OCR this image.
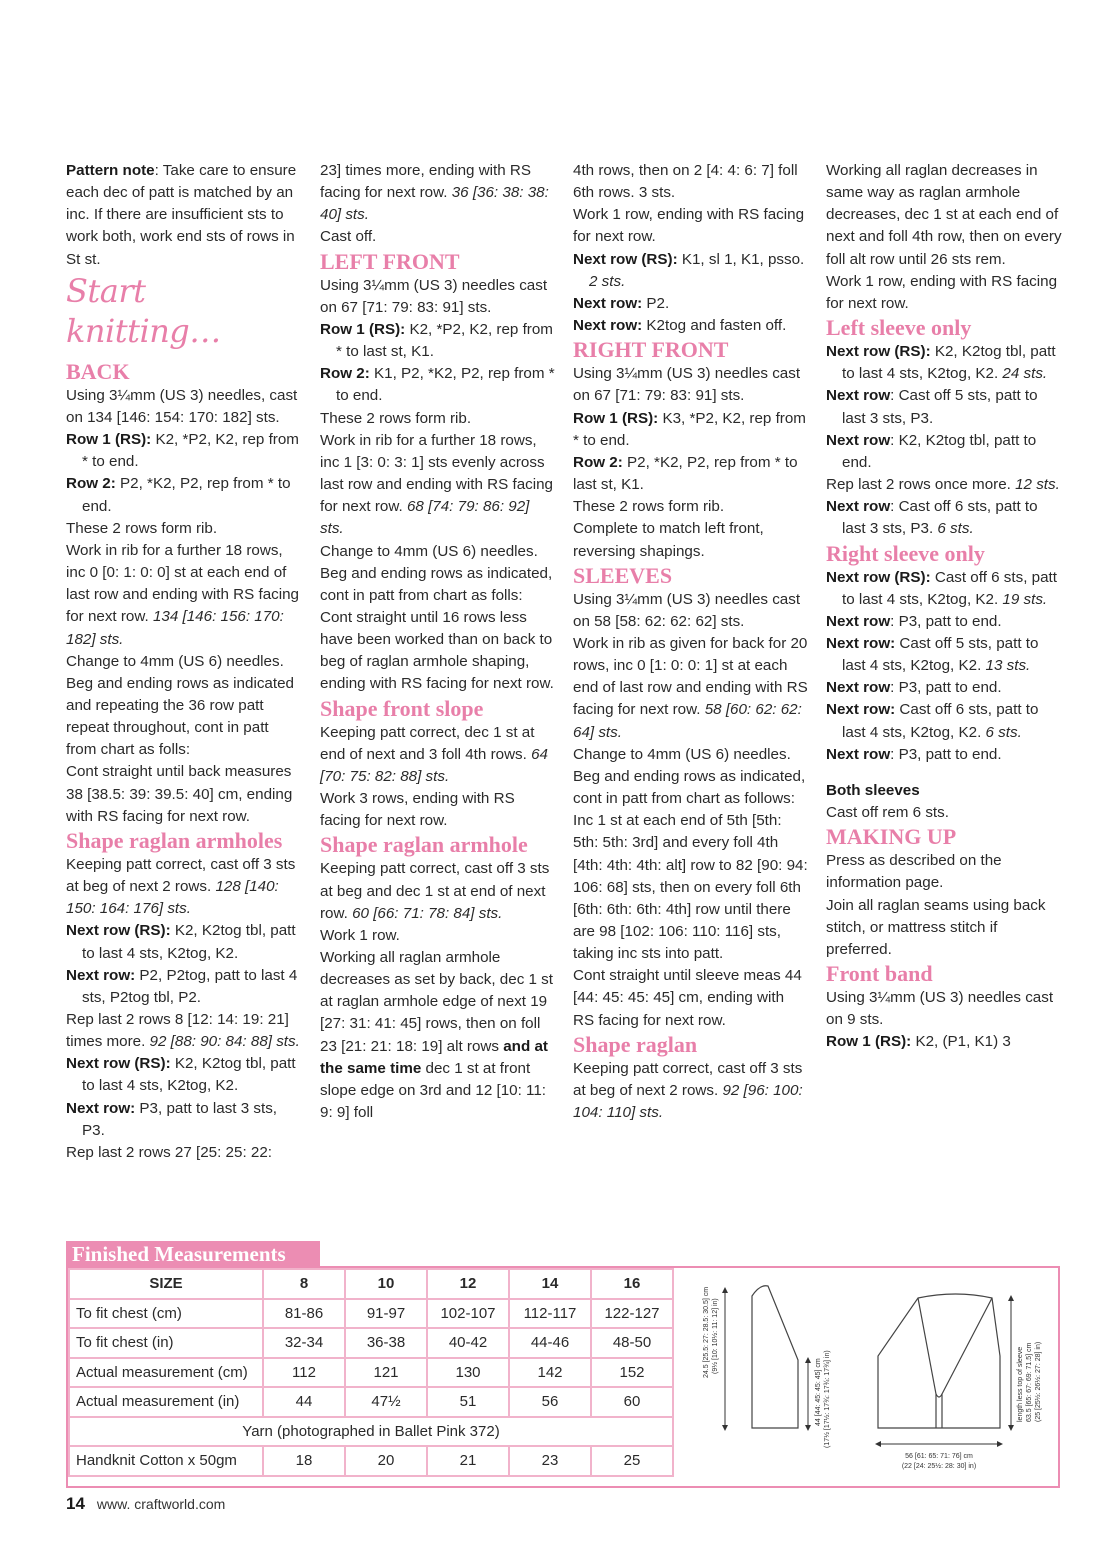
Pattern note: Take care to ensure each dec of patt is matched by an inc. If there are insufficient sts to work both, work end sts of rows in St st.

Start knitting…

BACK

Using 3¼mm (US 3) needles, cast on 134 [146: 154: 170: 182] sts.

Row 1 (RS): K2, *P2, K2, rep from * to end.

Row 2: P2, *K2, P2, rep from * to end.

These 2 rows form rib.

Work in rib for a further 18 rows, inc 0 [0: 1: 0: 0] st at each end of last row and ending with RS facing for next row. 134 [146: 156: 170: 182] sts.

Change to 4mm (US 6) needles.

Beg and ending rows as indicated and repeating the 36 row patt repeat throughout, cont in patt from chart as folls:

Cont straight until back measures 38 [38.5: 39: 39.5: 40] cm, ending with RS facing for next row.

Shape raglan armholes

Keeping patt correct, cast off 3 sts at beg of next 2 rows. 128 [140: 150: 164: 176] sts.

Next row (RS): K2, K2tog tbl, patt to last 4 sts, K2tog, K2.

Next row: P2, P2tog, patt to last 4 sts, P2tog tbl, P2.

Rep last 2 rows 8 [12: 14: 19: 21] times more. 92 [88: 90: 84: 88] sts.

Next row (RS): K2, K2tog tbl, patt to last 4 sts, K2tog, K2.

Next row: P3, patt to last 3 sts, P3.

Rep last 2 rows 27 [25: 25: 22:

23] times more, ending with RS facing for next row. 36 [36: 38: 38: 40] sts.

Cast off.

LEFT FRONT

Using 3¼mm (US 3) needles cast on 67 [71: 79: 83: 91] sts.

Row 1 (RS): K2, *P2, K2, rep from * to last st, K1.

Row 2: K1, P2, *K2, P2, rep from * to end.

These 2 rows form rib.

Work in rib for a further 18 rows, inc 1 [3: 0: 3: 1] sts evenly across last row and ending with RS facing for next row. 68 [74: 79: 86: 92] sts.

Change to 4mm (US 6) needles.

Beg and ending rows as indicated, cont in patt from chart as folls:

Cont straight until 16 rows less have been worked than on back to beg of raglan armhole shaping, ending with RS facing for next row.

Shape front slope

Keeping patt correct, dec 1 st at end of next and 3 foll 4th rows. 64 [70: 75: 82: 88] sts.

Work 3 rows, ending with RS facing for next row.

Shape raglan armhole

Keeping patt correct, cast off 3 sts at beg and dec 1 st at end of next row. 60 [66: 71: 78: 84] sts.

Work 1 row.

Working all raglan armhole decreases as set by back, dec 1 st at raglan armhole edge of next 19 [27: 31: 41: 45] rows, then on foll 23 [21: 21: 18: 19] alt rows and at the same time dec 1 st at front slope edge on 3rd and 12 [10: 11: 9: 9] foll

4th rows, then on 2 [4: 4: 6: 7] foll 6th rows. 3 sts.

Work 1 row, ending with RS facing for next row.

Next row (RS): K1, sl 1, K1, psso. 2 sts.

Next row: P2.

Next row: K2tog and fasten off.

RIGHT FRONT

Using 3¼mm (US 3) needles cast on 67 [71: 79: 83: 91] sts.

Row 1 (RS): K3, *P2, K2, rep from * to end.

Row 2: P2, *K2, P2, rep from * to last st, K1.

These 2 rows form rib.

Complete to match left front, reversing shapings.

SLEEVES

Using 3¼mm (US 3) needles cast on 58 [58: 62: 62: 62] sts.

Work in rib as given for back for 20 rows, inc 0 [1: 0: 0: 1] st at each end of last row and ending with RS facing for next row. 58 [60: 62: 62: 64] sts.

Change to 4mm (US 6) needles.

Beg and ending rows as indicated, cont in patt from chart as follows:

Inc 1 st at each end of 5th [5th: 5th: 5th: 3rd] and every foll 4th [4th: 4th: 4th: alt] row to 82 [90: 94: 106: 68] sts, then on every foll 6th [6th: 6th: 6th: 4th] row until there are 98 [102: 106: 110: 116] sts, taking inc sts into patt.

Cont straight until sleeve meas 44 [44: 45: 45: 45] cm, ending with RS facing for next row.

Shape raglan

Keeping patt correct, cast off 3 sts at beg of next 2 rows. 92 [96: 100: 104: 110] sts.

Working all raglan decreases in same way as raglan armhole decreases, dec 1 st at each end of next and foll 4th row, then on every foll alt row until 26 sts rem.

Work 1 row, ending with RS facing for next row.

Left sleeve only

Next row (RS): K2, K2tog tbl, patt to last 4 sts, K2tog, K2. 24 sts.

Next row: Cast off 5 sts, patt to last 3 sts, P3.

Next row: K2, K2tog tbl, patt to end.

Rep last 2 rows once more. 12 sts.

Next row: Cast off 6 sts, patt to last 3 sts, P3. 6 sts.

Right sleeve only

Next row (RS): Cast off 6 sts, patt to last 4 sts, K2tog, K2. 19 sts.

Next row: P3, patt to end.

Next row: Cast off 5 sts, patt to last 4 sts, K2tog, K2. 13 sts.

Next row: P3, patt to end.

Next row: Cast off 6 sts, patt to last 4 sts, K2tog, K2. 6 sts.

Next row: P3, patt to end.

Both sleeves

Cast off rem 6 sts.

MAKING UP

Press as described on the information page.

Join all raglan seams using back stitch, or mattress stitch if preferred.

Front band

Using 3¼mm (US 3) needles cast on 9 sts.

Row 1 (RS): K2, (P1, K1) 3

Finished Measurements
SIZE	8	10	12	14	16
To fit chest (cm)	81-86	91-97	102-107	112-117	122-127
To fit chest (in)	32-34	36-38	40-42	44-46	48-50
Actual measurement (cm)	112	121	130	142	152
Actual measurement (in)	44	47½	51	56	60
Yarn (photographed in Ballet Pink 372)					
Handknit Cotton x 50gm	18	20	21	23	25
24.5 [25.5: 27: 28.5: 30.5] cm (9½ [10: 10½: 11: 12] in)
44 [44: 45: 45: 45] cm (17½ [17½: 17¾: 17¾: 17¾] in)
56 [61: 65: 71: 76] cm
(22 [24: 25½: 28: 30] in)
length less top of sleeve 63.5 [65: 67: 69: 71.5] cm (25 [25½: 26½: 27: 28] in)
14 www. craftworld.com
